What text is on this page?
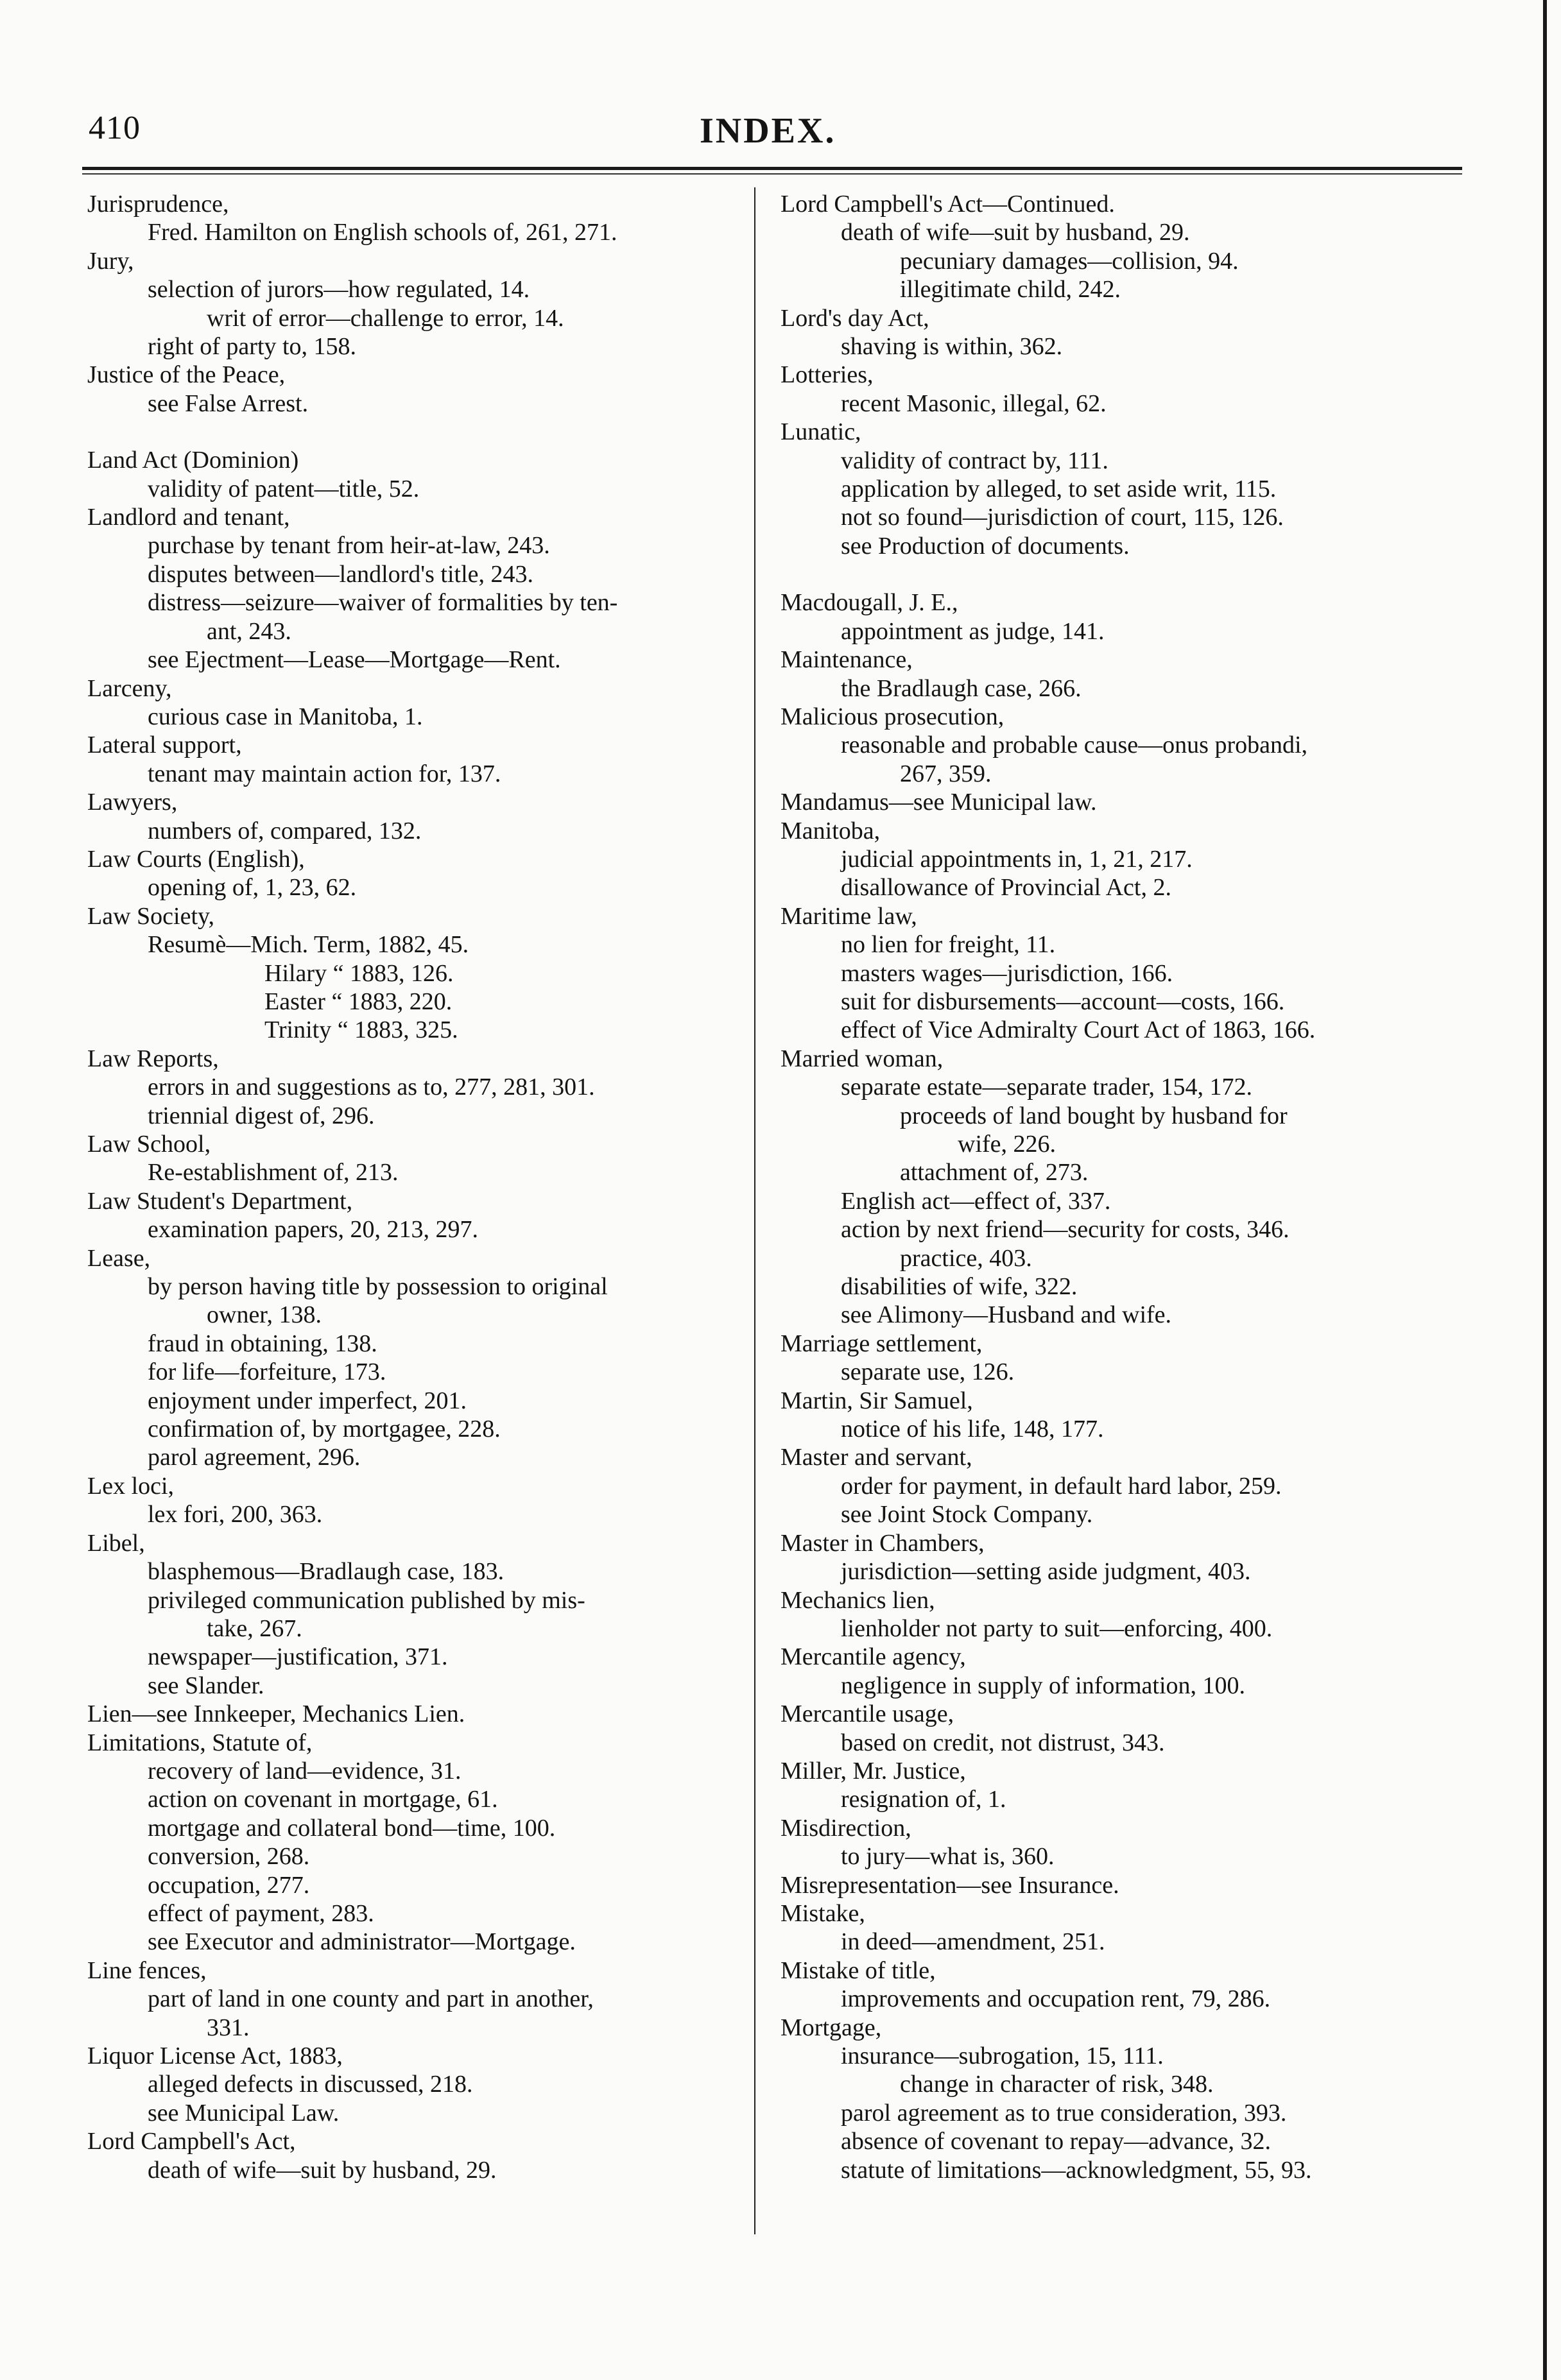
410	INDEX.
Jurisprudence,
Fred. Hamilton on English schools of, 261, 271.
Jury,
selection of jurors—how regulated, 14.
writ of error—challenge to error, 14.
right of party to, 158.
Justice of the Peace,
see False Arrest.
Land Act (Dominion)
validity of patent—title, 52.
Landlord and tenant,
purchase by tenant from heir-at-law, 243.
disputes between—landlord's title, 243.
distress—seizure—waiver of formalities by ten-
ant, 243.
see Ejectment—Lease—Mortgage—Rent.
Larceny,
curious case in Manitoba, 1.
Lateral support,
tenant may maintain action for, 137.
Lawyers,
numbers of, compared, 132.
Law Courts (English),
opening of, 1, 23, 62.
Law Society,
Resumè—Mich. Term, 1882, 45.
Hilary “ 1883, 126.
Easter “ 1883, 220.
Trinity “ 1883, 325.
Law Reports,
errors in and suggestions as to, 277, 281, 301.
triennial digest of, 296.
Law School,
Re-establishment of, 213.
Law Student's Department,
examination papers, 20, 213, 297.
Lease,
by person having title by possession to original
owner, 138.
fraud in obtaining, 138.
for life—forfeiture, 173.
enjoyment under imperfect, 201.
confirmation of, by mortgagee, 228.
parol agreement, 296.
Lex loci,
lex fori, 200, 363.
Libel,
blasphemous—Bradlaugh case, 183.
privileged communication published by mis-
take, 267.
newspaper—justification, 371.
see Slander.
Lien—see Innkeeper, Mechanics Lien.
Limitations, Statute of,
recovery of land—evidence, 31.
action on covenant in mortgage, 61.
mortgage and collateral bond—time, 100.
conversion, 268.
occupation, 277.
effect of payment, 283.
see Executor and administrator—Mortgage.
Line fences,
part of land in one county and part in another,
331.
Liquor License Act, 1883,
alleged defects in discussed, 218.
see Municipal Law.
Lord Campbell's Act,
death of wife—suit by husband, 29.
Lord Campbell's Act—Continued.
death of wife—suit by husband, 29.
pecuniary damages—collision, 94.
illegitimate child, 242.
Lord's day Act,
shaving is within, 362.
Lotteries,
recent Masonic, illegal, 62.
Lunatic,
validity of contract by, 111.
application by alleged, to set aside writ, 115.
not so found—jurisdiction of court, 115, 126.
see Production of documents.
Macdougall, J. E.,
appointment as judge, 141.
Maintenance,
the Bradlaugh case, 266.
Malicious prosecution,
reasonable and probable cause—onus probandi,
267, 359.
Mandamus—see Municipal law.
Manitoba,
judicial appointments in, 1, 21, 217.
disallowance of Provincial Act, 2.
Maritime law,
no lien for freight, 11.
masters wages—jurisdiction, 166.
suit for disbursements—account—costs, 166.
effect of Vice Admiralty Court Act of 1863, 166.
Married woman,
separate estate—separate trader, 154, 172.
proceeds of land bought by husband for
wife, 226.
attachment of, 273.
English act—effect of, 337.
action by next friend—security for costs, 346.
practice, 403.
disabilities of wife, 322.
see Alimony—Husband and wife.
Marriage settlement,
separate use, 126.
Martin, Sir Samuel,
notice of his life, 148, 177.
Master and servant,
order for payment, in default hard labor, 259.
see Joint Stock Company.
Master in Chambers,
jurisdiction—setting aside judgment, 403.
Mechanics lien,
lienholder not party to suit—enforcing, 400.
Mercantile agency,
negligence in supply of information, 100.
Mercantile usage,
based on credit, not distrust, 343.
Miller, Mr. Justice,
resignation of, 1.
Misdirection,
to jury—what is, 360.
Misrepresentation—see Insurance.
Mistake,
in deed—amendment, 251.
Mistake of title,
improvements and occupation rent, 79, 286.
Mortgage,
insurance—subrogation, 15, 111.
change in character of risk, 348.
parol agreement as to true consideration, 393.
absence of covenant to repay—advance, 32.
statute of limitations—acknowledgment, 55, 93.
